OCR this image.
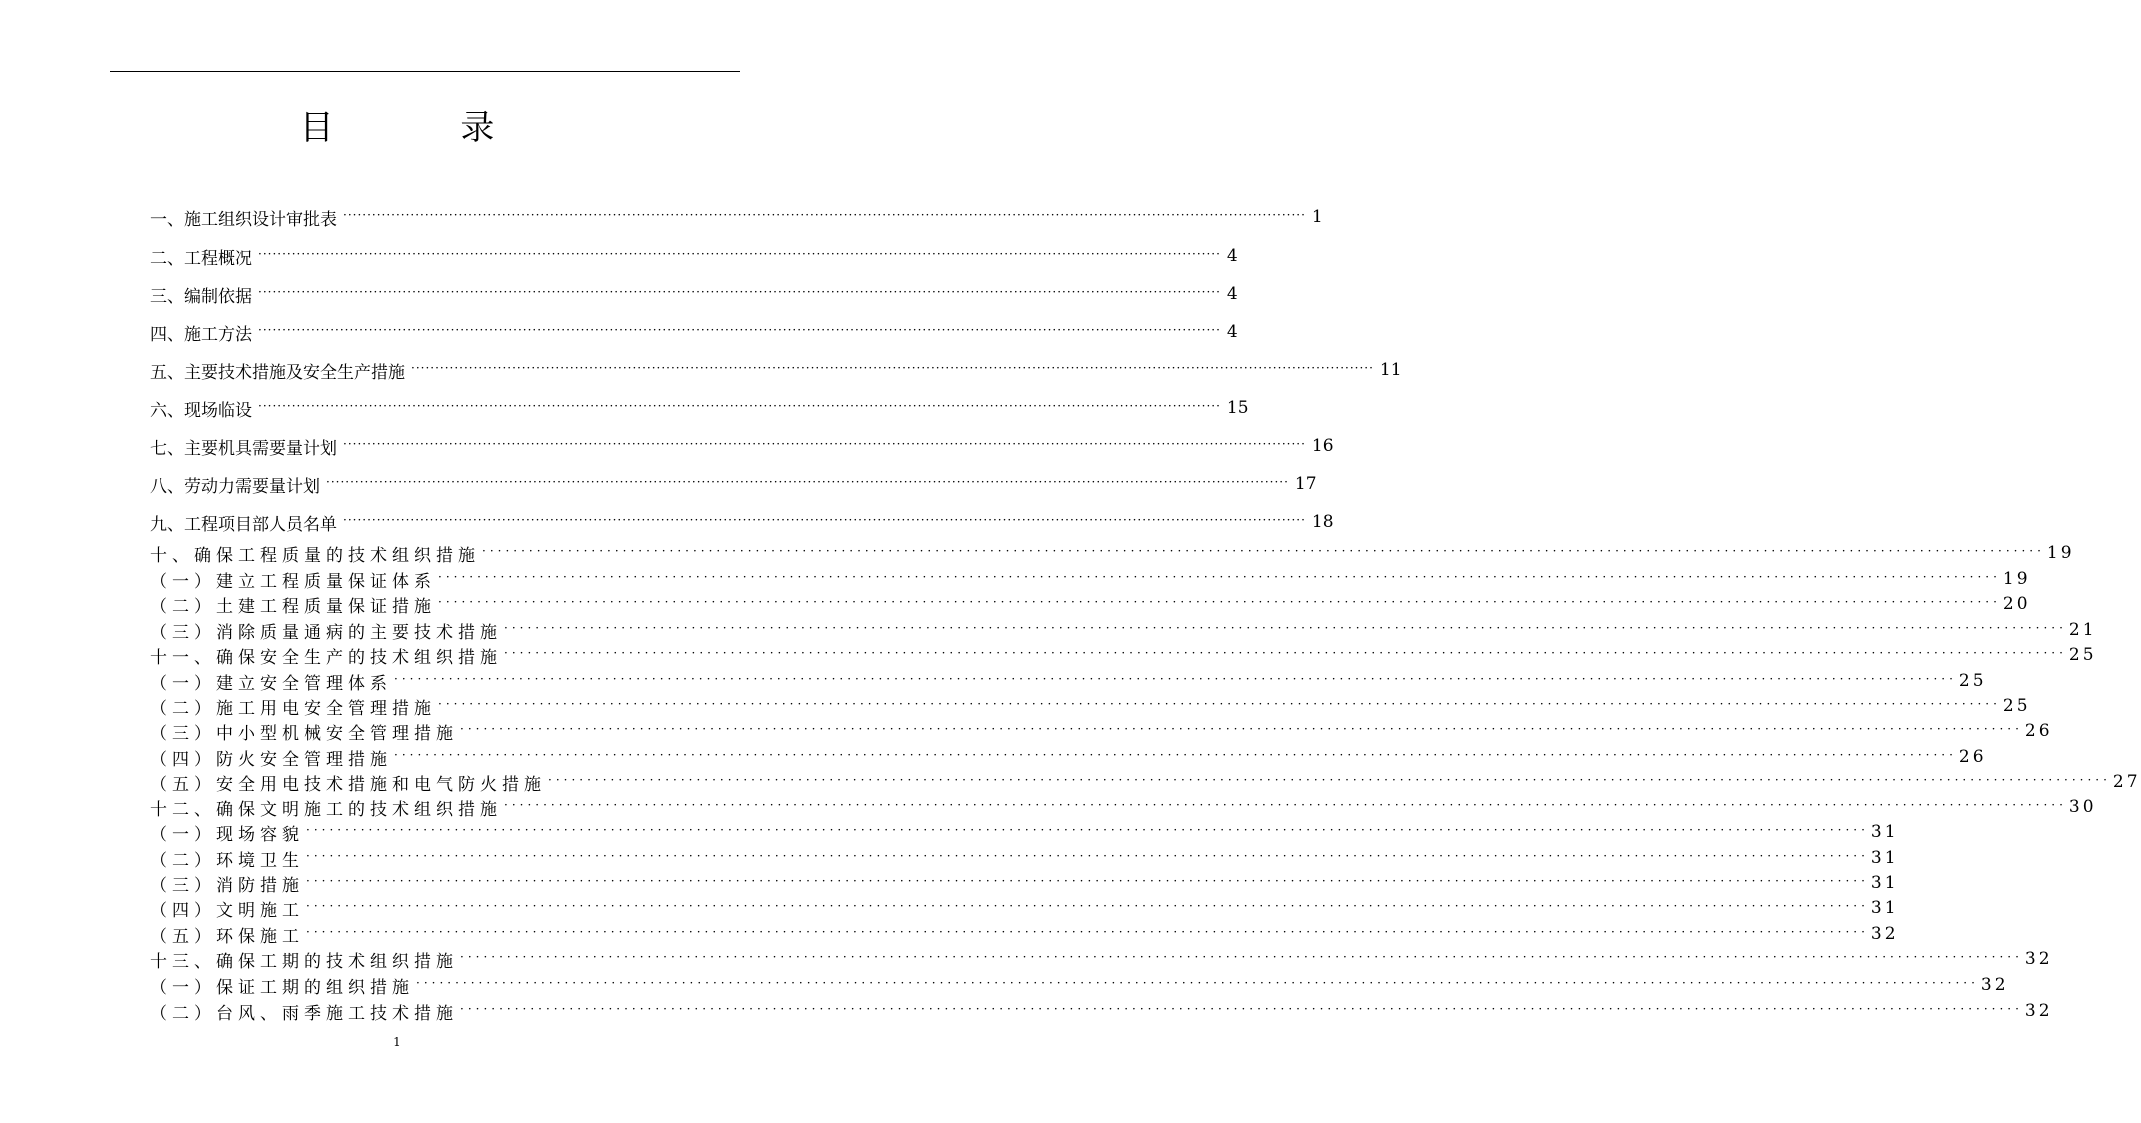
目 录
一、施工组织设计审批表 ········································································································································································································ 1
二、工程概况 ········································································································································································································ 4
三、编制依据 ········································································································································································································ 4
四、施工方法 ········································································································································································································ 4
五、主要技术措施及安全生产措施 ········································································································································································································ 11
六、现场临设 ········································································································································································································ 15
七、主要机具需要量计划 ········································································································································································································ 16
八、劳动力需要量计划 ········································································································································································································ 17
九、工程项目部人员名单 ········································································································································································································ 18
十、确保工程质量的技术组织措施 ········································································································································································································ 19
（一）建立工程质量保证体系 ········································································································································································································ 19
（二）土建工程质量保证措施 ········································································································································································································ 20
（三）消除质量通病的主要技术措施 ········································································································································································································ 21
十一、确保安全生产的技术组织措施 ········································································································································································································ 25
（一）建立安全管理体系 ········································································································································································································ 25
（二）施工用电安全管理措施 ········································································································································································································ 25
（三）中小型机械安全管理措施 ········································································································································································································ 26
（四）防火安全管理措施 ········································································································································································································ 26
（五）安全用电技术措施和电气防火措施 ········································································································································································································ 27
十二、确保文明施工的技术组织措施 ········································································································································································································ 30
（一）现场容貌 ········································································································································································································ 31
（二）环境卫生 ········································································································································································································ 31
（三）消防措施 ········································································································································································································ 31
（四）文明施工 ········································································································································································································ 31
（五）环保施工 ········································································································································································································ 32
十三、确保工期的技术组织措施 ········································································································································································································ 32
（一）保证工期的组织措施 ········································································································································································································ 32
（二）台风、雨季施工技术措施 ········································································································································································································ 32
1
